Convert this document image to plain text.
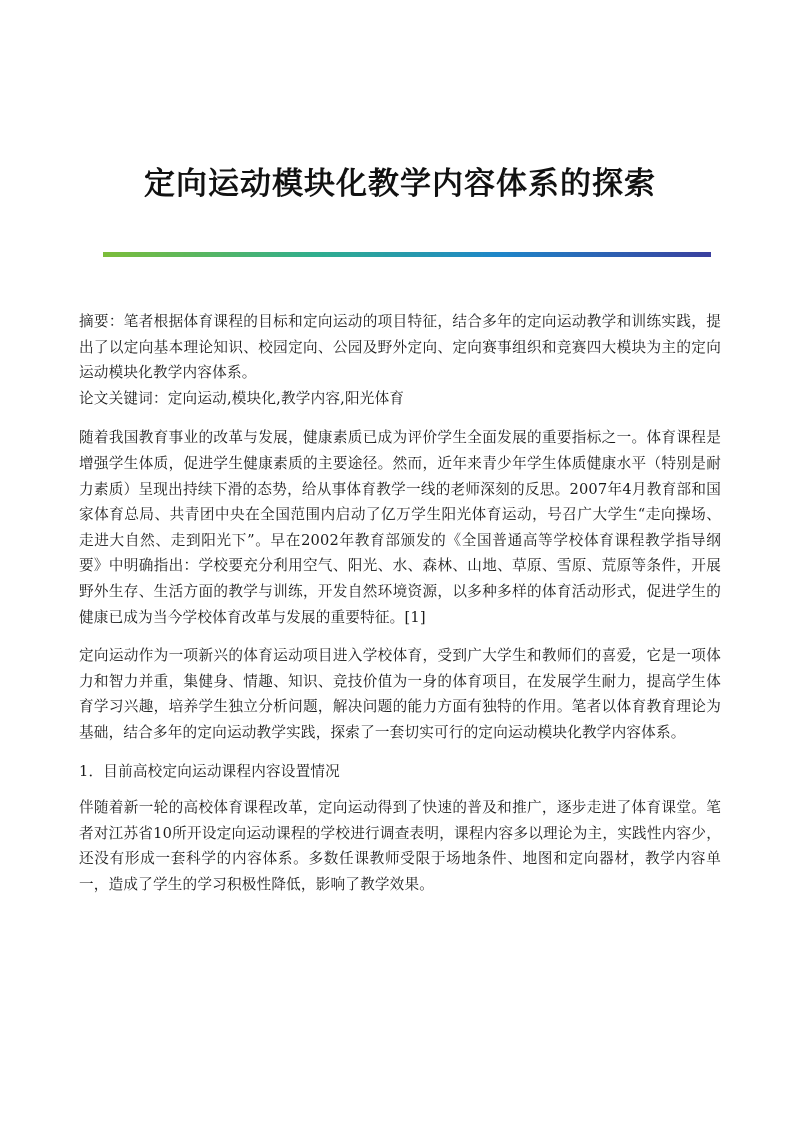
定向运动模块化教学内容体系的探索

摘要：笔者根据体育课程的目标和定向运动的项目特征，结合多年的定向运动教学和训练实践，提出了以定向基本理论知识、校园定向、公园及野外定向、定向赛事组织和竞赛四大模块为主的定向运动模块化教学内容体系。

论文关键词：定向运动,模块化,教学内容,阳光体育

随着我国教育事业的改革与发展，健康素质已成为评价学生全面发展的重要指标之一。体育课程是增强学生体质，促进学生健康素质的主要途径。然而，近年来青少年学生体质健康水平（特别是耐力素质）呈现出持续下滑的态势，给从事体育教学一线的老师深刻的反思。2007年4月教育部和国家体育总局、共青团中央在全国范围内启动了亿万学生阳光体育运动，号召广大学生“走向操场、走进大自然、走到阳光下”。早在2002年教育部颁发的《全国普通高等学校体育课程教学指导纲要》中明确指出：学校要充分利用空气、阳光、水、森林、山地、草原、雪原、荒原等条件，开展野外生存、生活方面的教学与训练，开发自然环境资源，以多种多样的体育活动形式，促进学生的健康已成为当今学校体育改革与发展的重要特征。[1]

定向运动作为一项新兴的体育运动项目进入学校体育，受到广大学生和教师们的喜爱，它是一项体力和智力并重，集健身、情趣、知识、竞技价值为一身的体育项目，在发展学生耐力，提高学生体育学习兴趣，培养学生独立分析问题，解决问题的能力方面有独特的作用。笔者以体育教育理论为基础，结合多年的定向运动教学实践，探索了一套切实可行的定向运动模块化教学内容体系。

1．目前高校定向运动课程内容设置情况

伴随着新一轮的高校体育课程改革，定向运动得到了快速的普及和推广，逐步走进了体育课堂。笔者对江苏省10所开设定向运动课程的学校进行调查表明，课程内容多以理论为主，实践性内容少，还没有形成一套科学的内容体系。多数任课教师受限于场地条件、地图和定向器材，教学内容单一，造成了学生的学习积极性降低，影响了教学效果。
